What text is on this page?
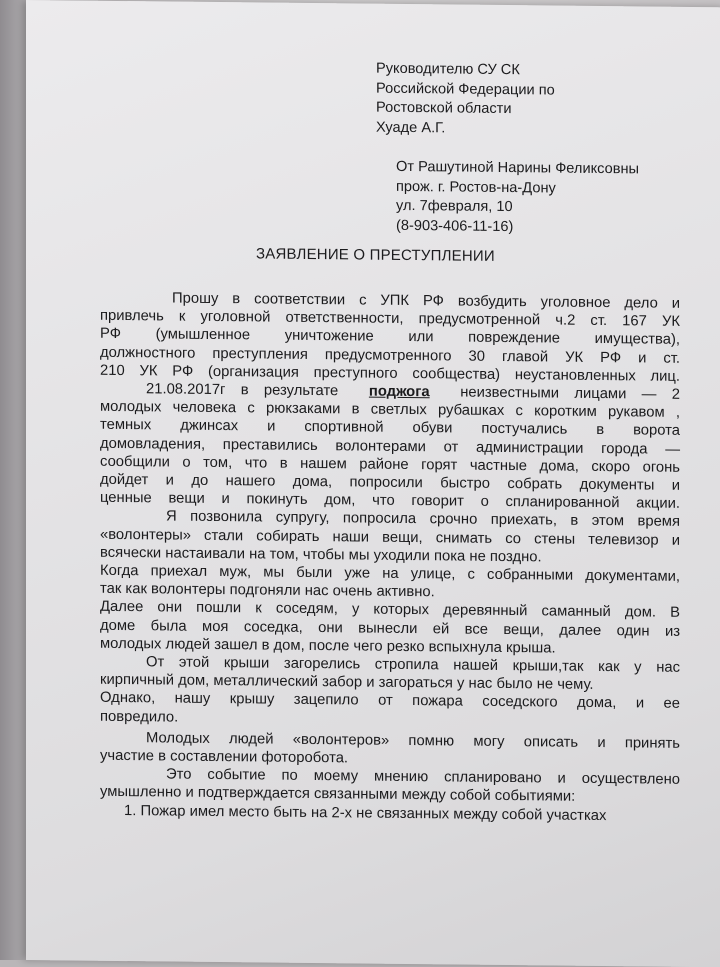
Руководителю СУ СК
Российской Федерации по
Ростовской области
Хуаде А.Г.
От Рашутиной Нарины Феликсовны
прож. г. Ростов-на-Дону
ул. 7февраля, 10
(8-903-406-11-16)
ЗАЯВЛЕНИЕ О ПРЕСТУПЛЕНИИ
Прошу в соответствии с УПК РФ возбудить уголовное дело и
привлечь к уголовной ответственности, предусмотренной ч.2 ст. 167 УК
РФ (умышленное уничтожение или повреждение имущества),
должностного преступления предусмотренного 30 главой УК РФ и ст.
210 УК РФ (организация преступного сообщества) неустановленных лиц.
21.08.2017г в результате  поджога  неизвестными лицами — 2
молодых человека с рюкзаками в светлых рубашках с коротким рукавом ,
темных джинсах и спортивной обуви постучались в ворота
домовладения, преставились волонтерами от администрации города —
сообщили о том, что в нашем районе горят частные дома, скоро огонь
дойдет и до нашего дома, попросили быстро собрать документы и
ценные вещи и покинуть дом, что говорит о спланированной акции.
Я позвонила супругу, попросила срочно приехать, в этом время
«волонтеры» стали собирать наши вещи, снимать со стены телевизор и
всячески настаивали на том, чтобы мы уходили пока не поздно.
Когда приехал муж, мы были уже на улице, с собранными документами,
так как волонтеры подгоняли нас очень активно.
Далее они пошли к соседям, у которых деревянный саманный дом. В
доме была моя соседка, они вынесли ей все вещи, далее один из
молодых людей зашел в дом, после чего резко вспыхнула крыша.
От этой крыши загорелись стропила нашей крыши,так как у нас
кирпичный дом, металлический забор и загораться у нас было не чему.
Однако, нашу крышу зацепило от пожара соседского дома, и ее
повредило.
Молодых людей «волонтеров» помню могу описать и принять
участие в составлении фоторобота.
Это событие по моему мнению спланировано и осуществлено
умышленно и подтверждается связанными между собой событиями:
1. Пожар имел место быть на 2-х не связанных между собой участках
